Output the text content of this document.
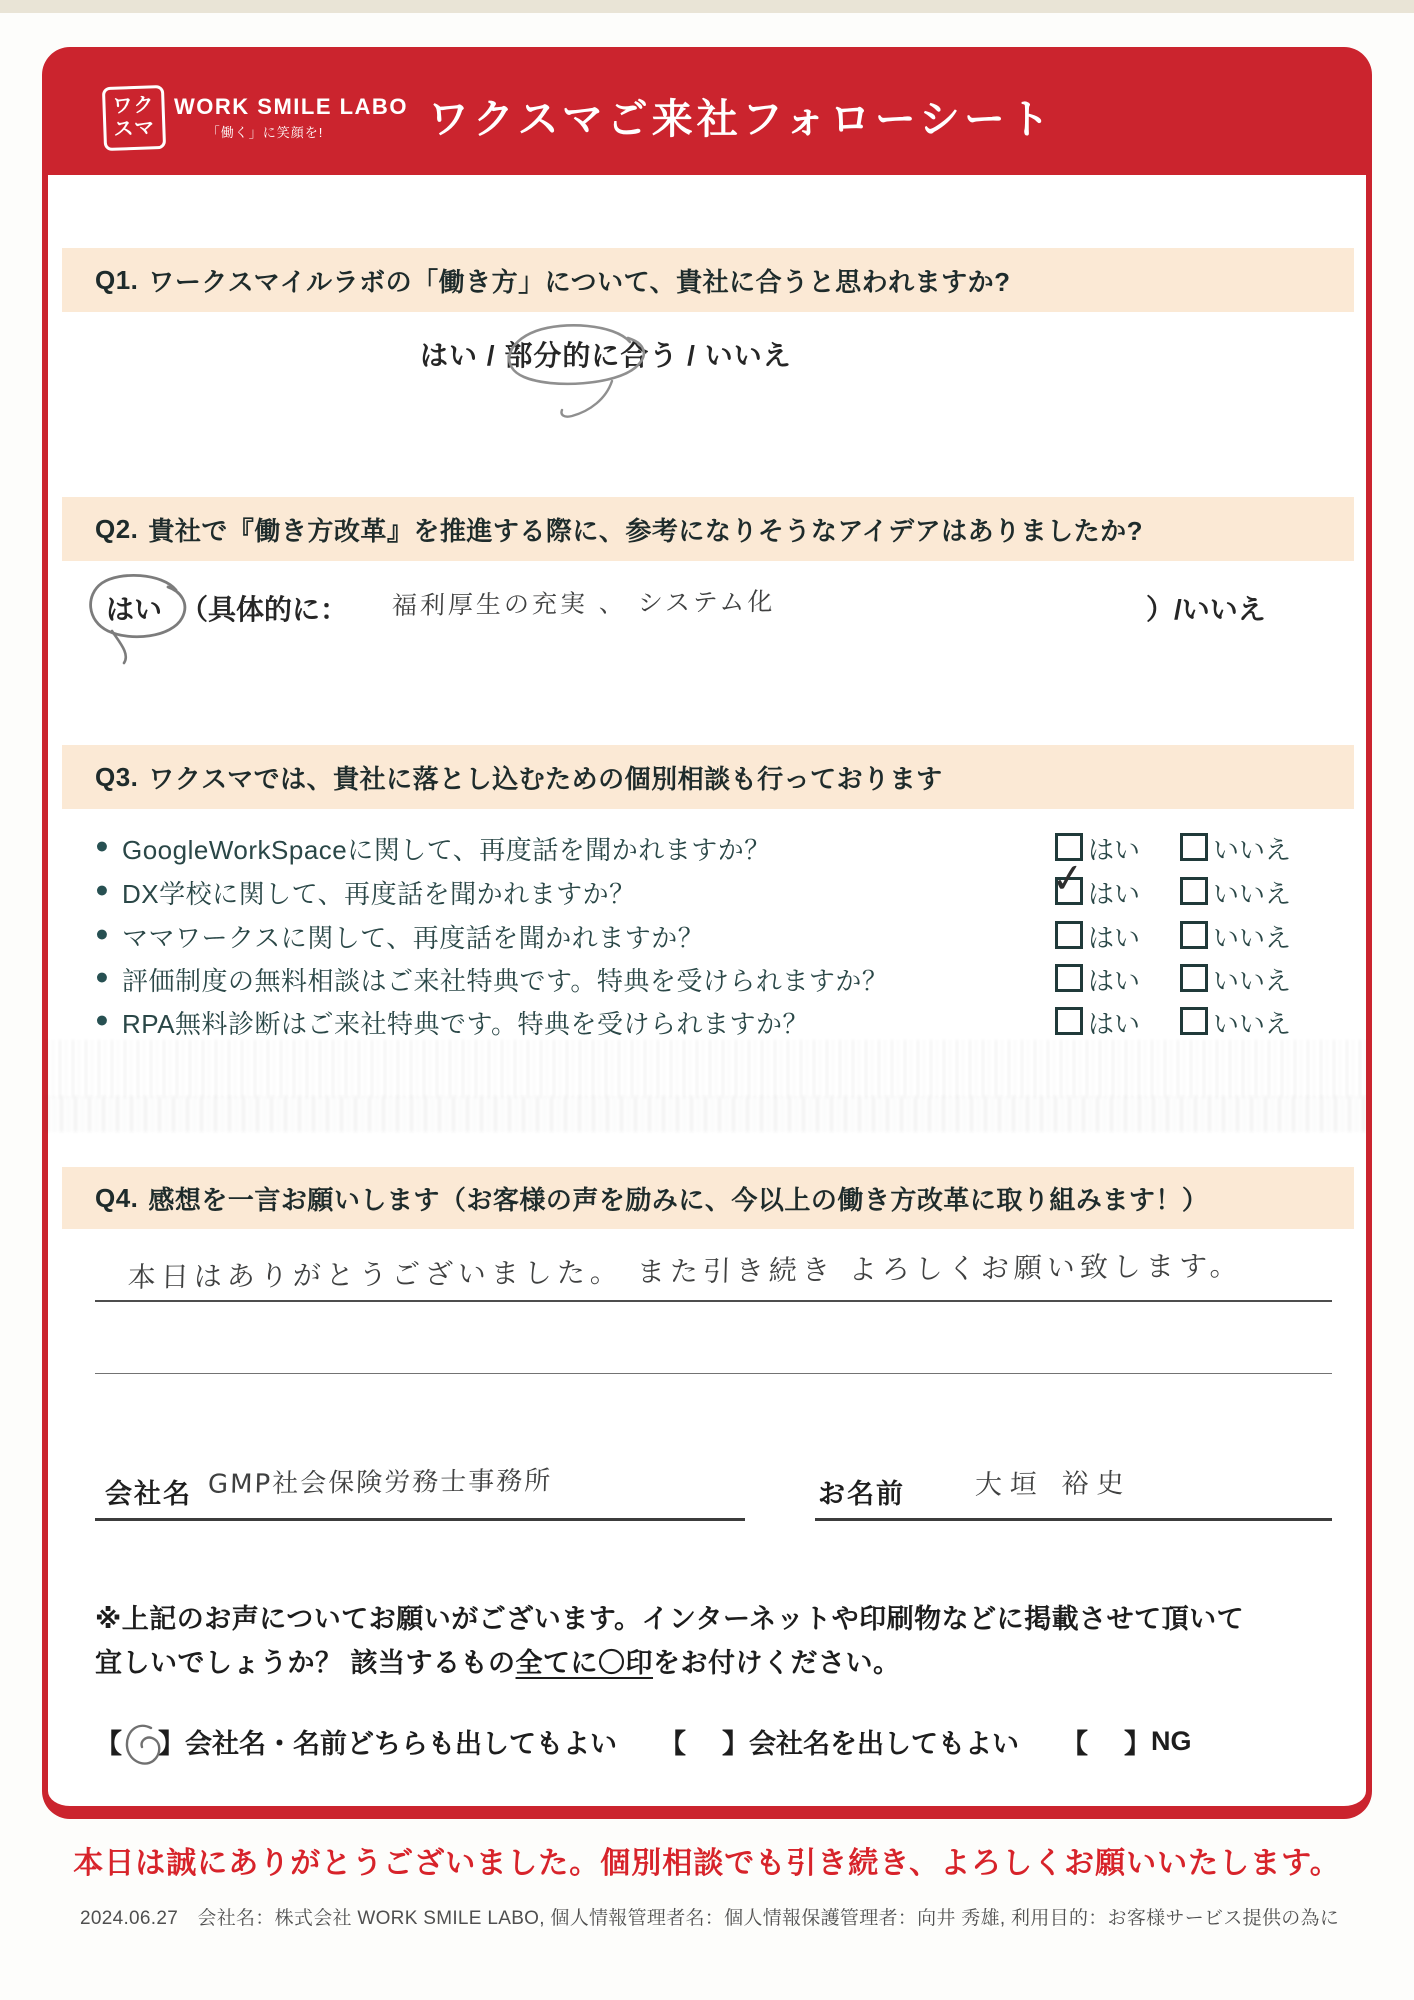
ワク
スマ
WORK SMILE LABO
「働く」に笑顔を!	ワクスマご来社フォローシート
Q1. ワークスマイルラボの「働き方」について、貴社に合うと思われますか?
はい / 部分的に合う / いいえ
Q2. 貴社で『働き方改革』を推進する際に、参考になりそうなアイデアはありましたか?
はい （具体的に： 福利厚生の充実 、 システム化	）/いいえ
Q3. ワクスマでは、貴社に落とし込むための個別相談も行っております
● GoogleWorkSpaceに関して、再度話を聞かれますか？	はい	いいえ
● DX学校に関して、再度話を聞かれますか？	はい	いいえ
✓
● ママワークスに関して、再度話を聞かれますか？	はい	いいえ
● 評価制度の無料相談はご来社特典です。特典を受けられますか？	はい	いいえ
● RPA無料診断はご来社特典です。特典を受けられますか？	はい	いいえ
Q4. 感想を一言お願いします（お客様の声を励みに、今以上の働き方改革に取り組みます！）
本日はありがとうございました。 また引き続き よろしくお願い致します。
会社名 GMP社会保険労務士事務所	お名前	大垣 裕史
※上記のお声についてお願いがございます。インターネットや印刷物などに掲載させて頂いて
宜しいでしょうか？ 該当するもの全てに〇印をお付けください。
【 】 会社名・名前どちらも出してもよい 【 】 会社名を出してもよい 【 】 NG
本日は誠にありがとうございました。個別相談でも引き続き、よろしくお願いいたします。
2024.06.27　会社名：株式会社 WORK SMILE LABO, 個人情報管理者名：個人情報保護管理者：向井 秀雄, 利用目的：お客様サービス提供の為に
